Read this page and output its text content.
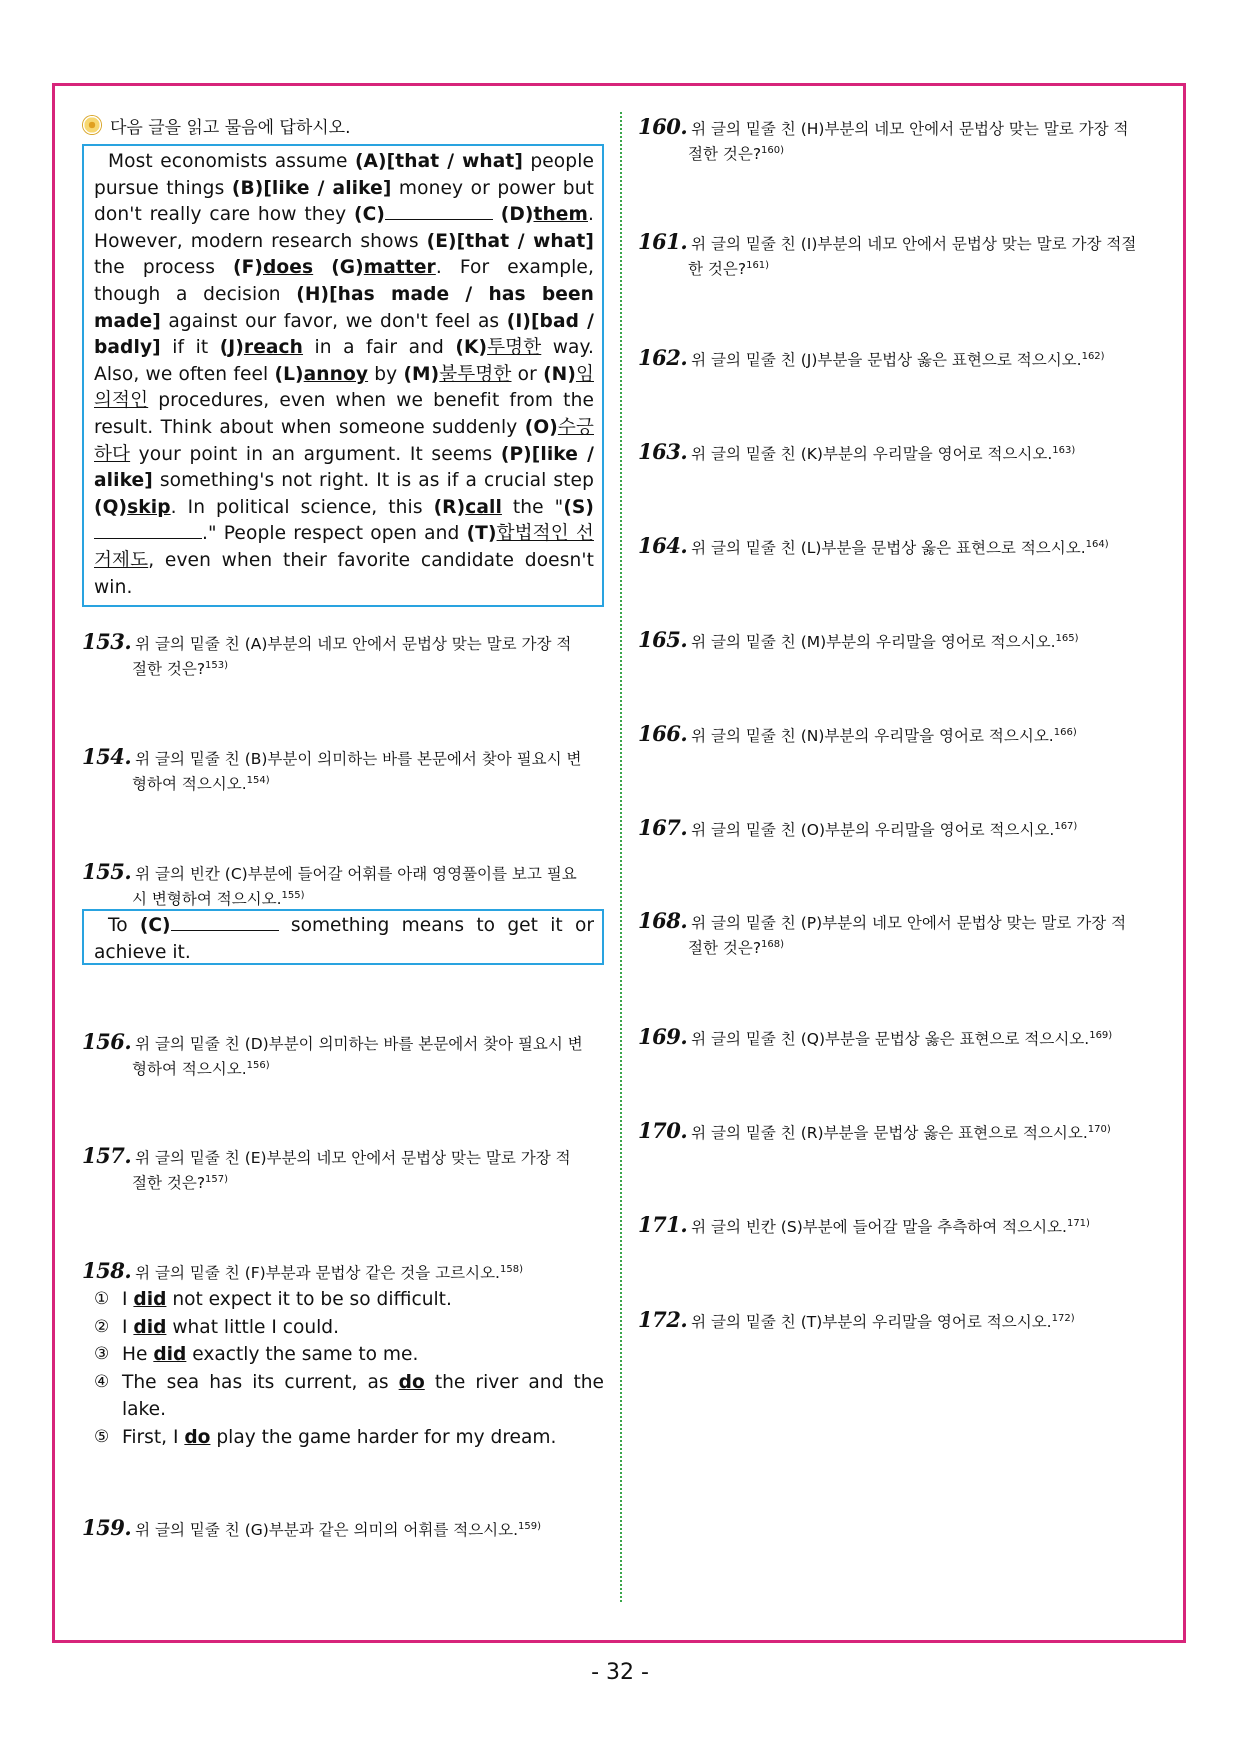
다음 글을 읽고 물음에 답하시오.
Most economists assume (A)[that / what] people pursue things (B)[like / alike] money or power but don't really care how they (C)	(D)them. However, modern research shows (E)[that / what] the process (F)does (G)matter. For example, though a decision (H)[has made / has been made] against our favor, we don't feel as (I)[bad / badly] if it (J)reach in a fair and (K)투명한 way. Also, we often feel (L)annoy by (M)불투명한 or (N)임의적인 procedures, even when we benefit from the result. Think about when someone suddenly (O)수긍하다 your point in an argument. It seems (P)[like / alike] something's not right. It is as if a crucial step (Q)skip. In political science, this (R)call the "(S)." People respect open and (T)합법적인 선거제도, even when their favorite candidate doesn't win.
153. 위 글의 밑줄 친 (A)부분의 네모 안에서 문법상 맞는 말로 가장 적
절한 것은?$^{153)}$
154. 위 글의 밑줄 친 (B)부분이 의미하는 바를 본문에서 찾아 필요시 변
형하여 적으시오.$^{154)}$
155. 위 글의 빈칸 (C)부분에 들어갈 어휘를 아래 영영풀이를 보고 필요
시 변형하여 적으시오.$^{155)}$
To (C)	something means to get it or achieve it.
156. 위 글의 밑줄 친 (D)부분이 의미하는 바를 본문에서 찾아 필요시 변
형하여 적으시오.$^{156)}$
157. 위 글의 밑줄 친 (E)부분의 네모 안에서 문법상 맞는 말로 가장 적
절한 것은?$^{157)}$
158. 위 글의 밑줄 친 (F)부분과 문법상 같은 것을 고르시오.$^{158)}$
① I did not expect it to be so difficult.
② I did what little I could.
③ He did exactly the same to me.
④ The sea has its current, as do the river and the lake.
⑤ First, I do play the game harder for my dream.
159. 위 글의 밑줄 친 (G)부분과 같은 의미의 어휘를 적으시오.$^{159)}$
160. 위 글의 밑줄 친 (H)부분의 네모 안에서 문법상 맞는 말로 가장 적
절한 것은?$^{160)}$
161. 위 글의 밑줄 친 (I)부분의 네모 안에서 문법상 맞는 말로 가장 적절
한 것은?$^{161)}$
162. 위 글의 밑줄 친 (J)부분을 문법상 옳은 표현으로 적으시오.$^{162)}$
163. 위 글의 밑줄 친 (K)부분의 우리말을 영어로 적으시오.$^{163)}$
164. 위 글의 밑줄 친 (L)부분을 문법상 옳은 표현으로 적으시오.$^{164)}$
165. 위 글의 밑줄 친 (M)부분의 우리말을 영어로 적으시오.$^{165)}$
166. 위 글의 밑줄 친 (N)부분의 우리말을 영어로 적으시오.$^{166)}$
167. 위 글의 밑줄 친 (O)부분의 우리말을 영어로 적으시오.$^{167)}$
168. 위 글의 밑줄 친 (P)부분의 네모 안에서 문법상 맞는 말로 가장 적
절한 것은?$^{168)}$
169. 위 글의 밑줄 친 (Q)부분을 문법상 옳은 표현으로 적으시오.$^{169)}$
170. 위 글의 밑줄 친 (R)부분을 문법상 옳은 표현으로 적으시오.$^{170)}$
171. 위 글의 빈칸 (S)부분에 들어갈 말을 추측하여 적으시오.$^{171)}$
172. 위 글의 밑줄 친 (T)부분의 우리말을 영어로 적으시오.$^{172)}$
- 32 -
